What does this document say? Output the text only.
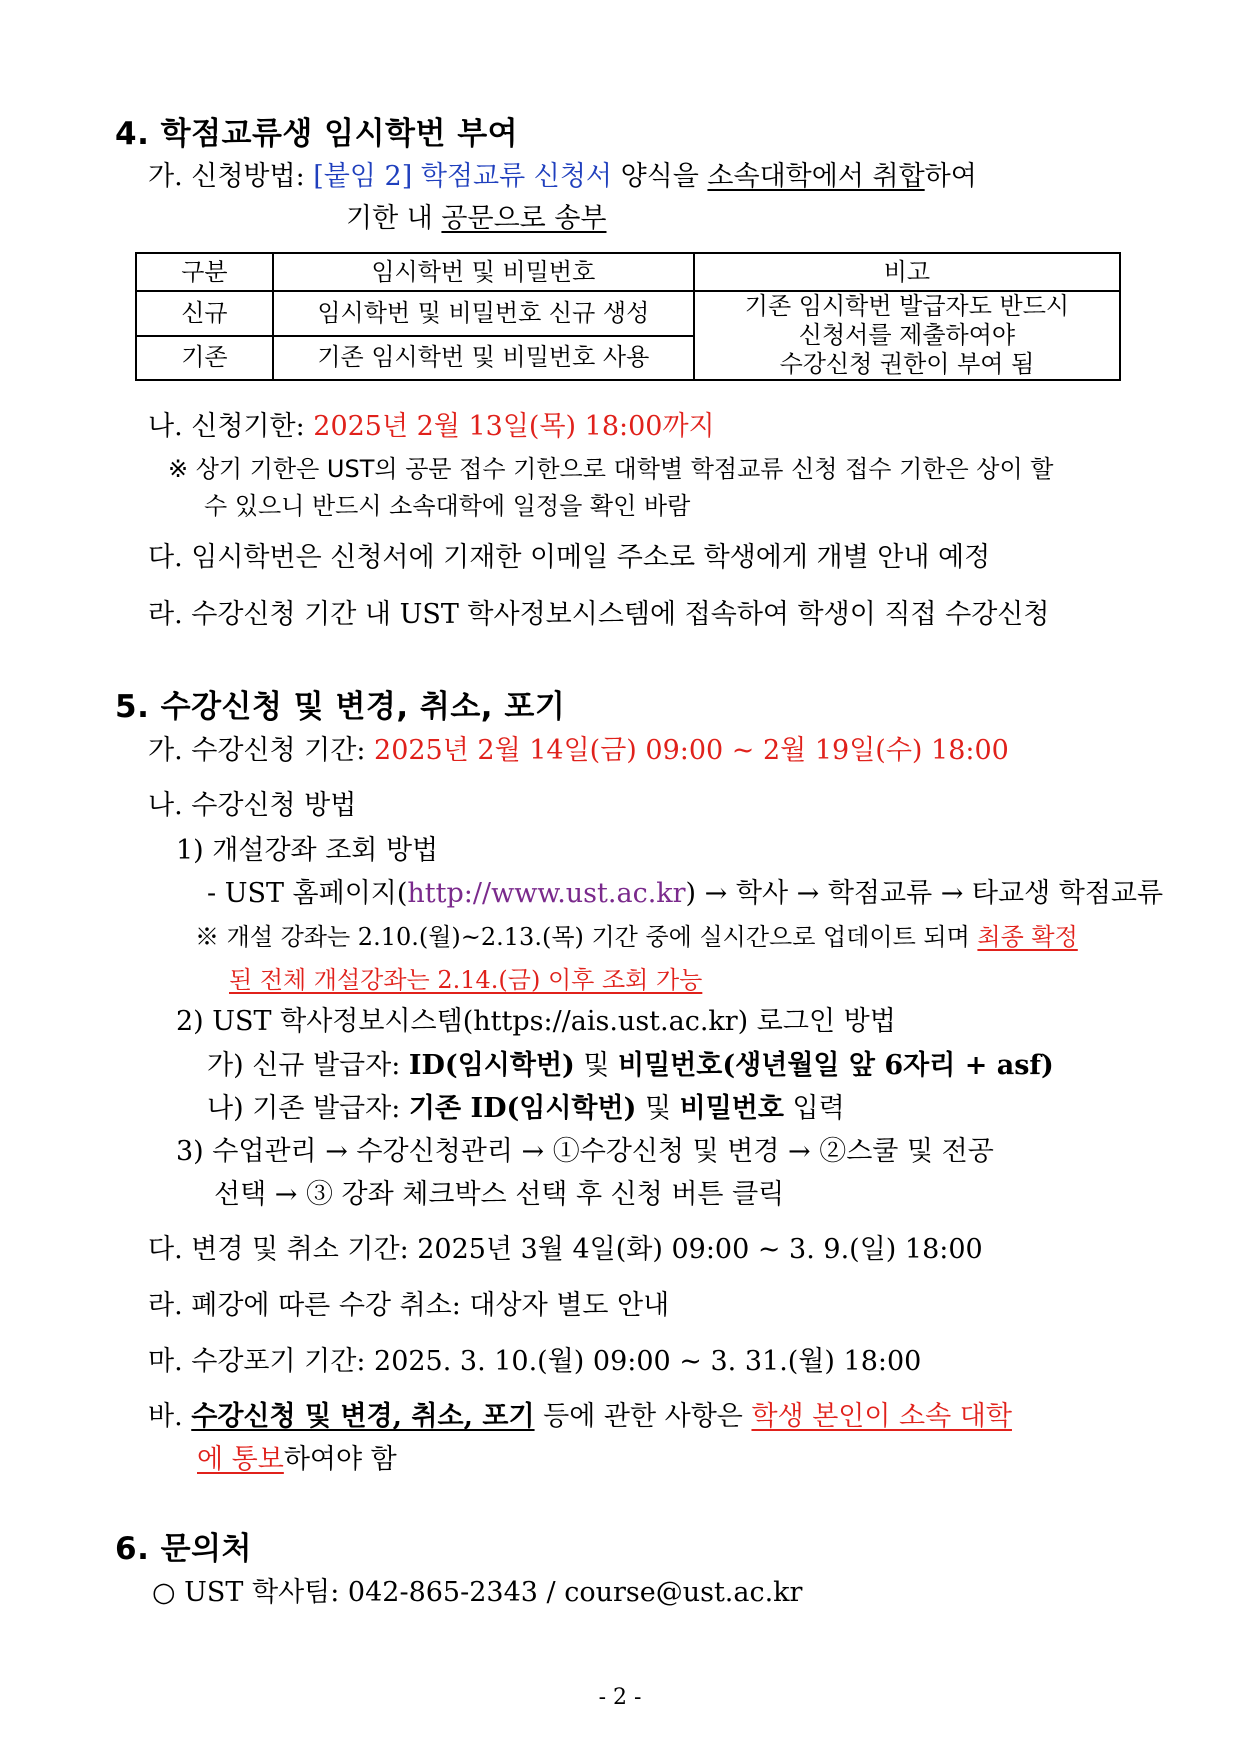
4. 학점교류생 임시학번 부여
가. 신청방법: [붙임 2] 학점교류 신청서 양식을 소속대학에서 취합하여
기한 내 공문으로 송부
구분	임시학번 및 비밀번호	비고
신규	임시학번 및 비밀번호 신규 생성	기존 임시학번 발급자도 반드시
신청서를 제출하여야
수강신청 권한이 부여 됨

기존	기존 임시학번 및 비밀번호 사용	
나. 신청기한: 2025년 2월 13일(목) 18:00까지
※ 상기 기한은 UST의 공문 접수 기한으로 대학별 학점교류 신청 접수 기한은 상이 할
수 있으니 반드시 소속대학에 일정을 확인 바람
다. 임시학번은 신청서에 기재한 이메일 주소로 학생에게 개별 안내 예정
라. 수강신청 기간 내 UST 학사정보시스템에 접속하여 학생이 직접 수강신청
5. 수강신청 및 변경, 취소, 포기
가. 수강신청 기간: 2025년 2월 14일(금) 09:00 ~ 2월 19일(수) 18:00
나. 수강신청 방법
1) 개설강좌 조회 방법
- UST 홈페이지(http://www.ust.ac.kr) → 학사 → 학점교류 → 타교생 학점교류
※ 개설 강좌는 2.10.(월)~2.13.(목) 기간 중에 실시간으로 업데이트 되며 최종 확정
된 전체 개설강좌는 2.14.(금) 이후 조회 가능
2) UST 학사정보시스템(https://ais.ust.ac.kr) 로그인 방법
가) 신규 발급자: ID(임시학번) 및 비밀번호(생년월일 앞 6자리 + asf)
나) 기존 발급자: 기존 ID(임시학번) 및 비밀번호 입력
3) 수업관리 → 수강신청관리 → ①수강신청 및 변경 → ②스쿨 및 전공
선택 → ③ 강좌 체크박스 선택 후 신청 버튼 클릭
다. 변경 및 취소 기간: 2025년 3월 4일(화) 09:00 ~ 3. 9.(일) 18:00
라. 폐강에 따른 수강 취소: 대상자 별도 안내
마. 수강포기 기간: 2025. 3. 10.(월) 09:00 ~ 3. 31.(월) 18:00
바. 수강신청 및 변경, 취소, 포기 등에 관한 사항은 학생 본인이 소속 대학
에 통보하여야 함
6. 문의처
○ UST 학사팀: 042-865-2343 / course@ust.ac.kr
- 2 -
